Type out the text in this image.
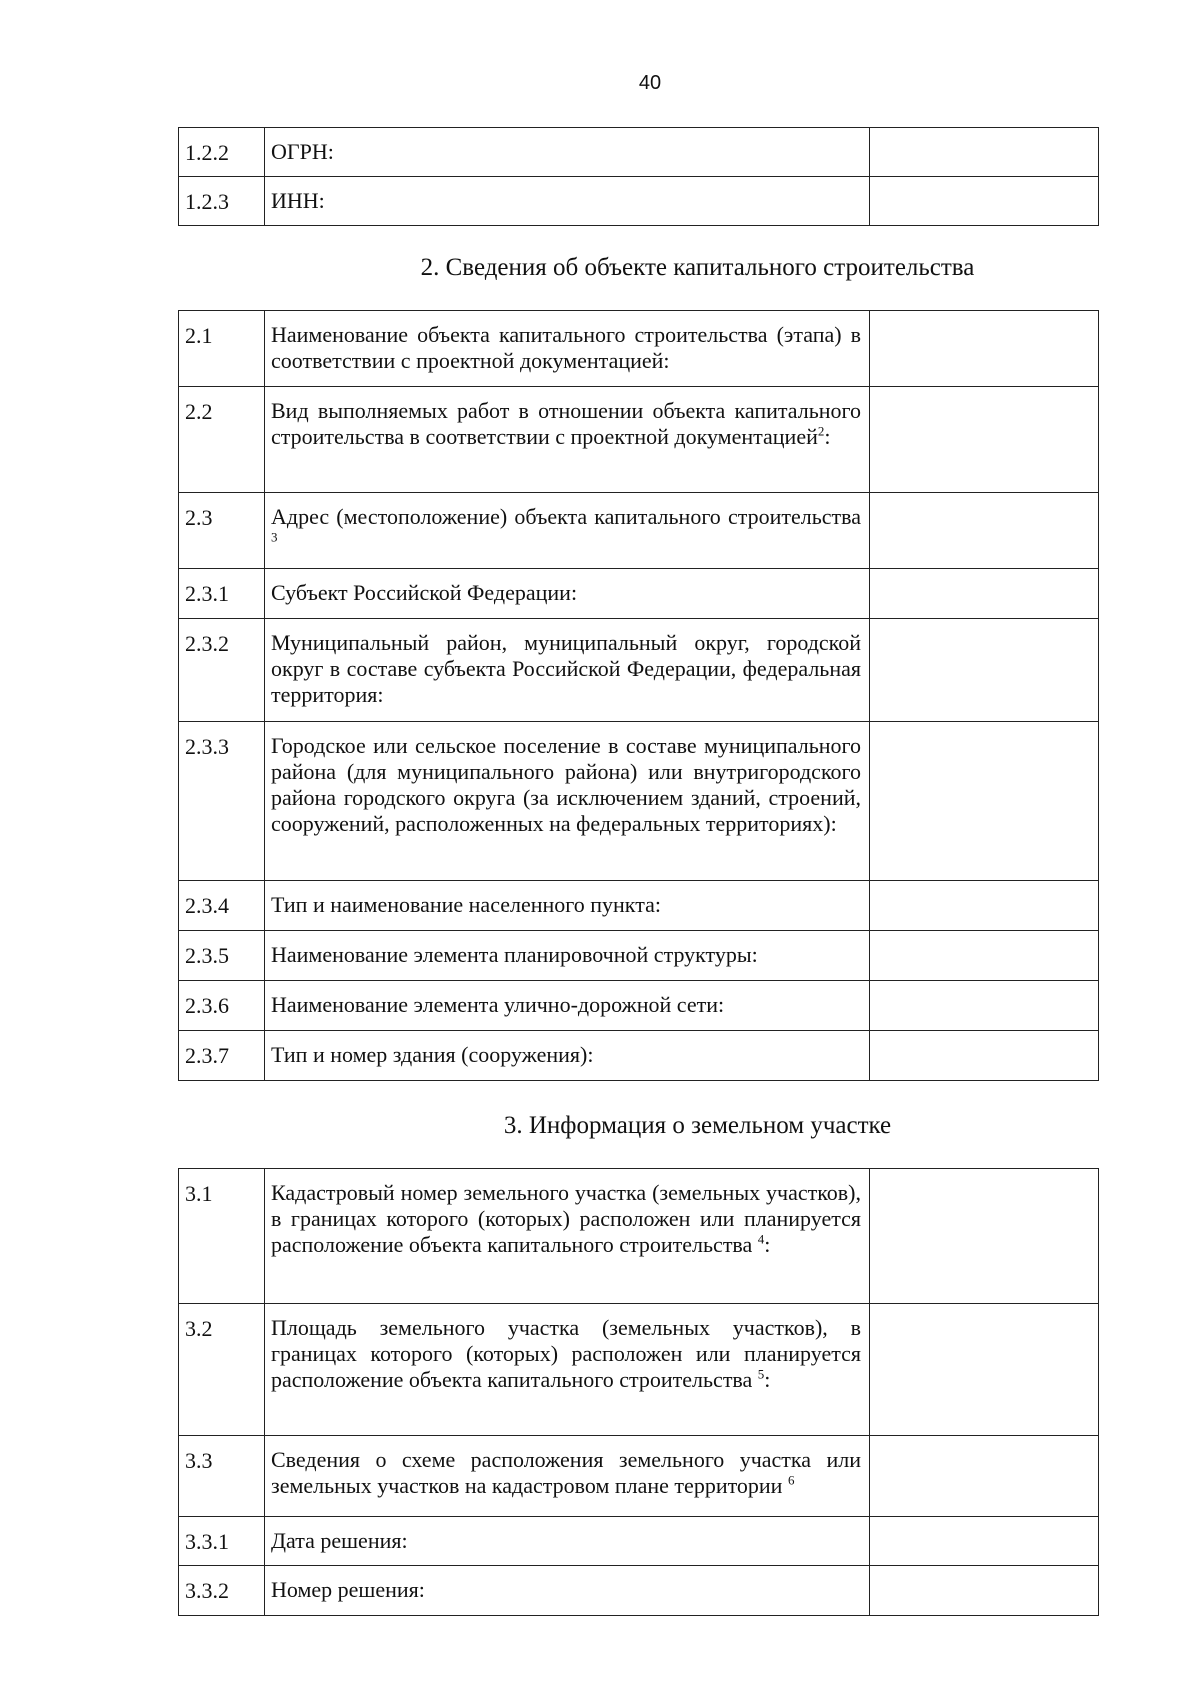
40
1.2.2	ОГРН:	
1.2.3	ИНН:	
2. Сведения об объекте капитального строительства
2.1	Наименование объекта капитального строительства (этапа) в соответствии с проектной документацией:	
2.2	Вид выполняемых работ в отношении объекта капитального строительства в соответствии с проектной документацией$^2$:	
2.3	Адрес (местоположение) объекта капитального строительства $^3$	
2.3.1	Субъект Российской Федерации:	
2.3.2	Муниципальный район, муниципальный округ, городской округ в составе субъекта Российской Федерации, федеральная территория:	
2.3.3	Городское или сельское поселение в составе муниципального района (для муниципального района) или внутригородского района городского округа (за исключением зданий, строений, сооружений, расположенных на федеральных территориях):	
2.3.4	Тип и наименование населенного пункта:	
2.3.5	Наименование элемента планировочной структуры:	
2.3.6	Наименование элемента улично-дорожной сети:	
2.3.7	Тип и номер здания (сооружения):	
3. Информация о земельном участке
3.1	Кадастровый номер земельного участка (земельных участков), в границах которого (которых) расположен или планируется расположение объекта капитального строительства $^4$:	
3.2	Площадь земельного участка (земельных участков), в границах которого (которых) расположен или планируется расположение объекта капитального строительства $^5$:	
3.3	Сведения о схеме расположения земельного участка или земельных участков на кадастровом плане территории $^6$	
3.3.1	Дата решения:	
3.3.2	Номер решения:	
